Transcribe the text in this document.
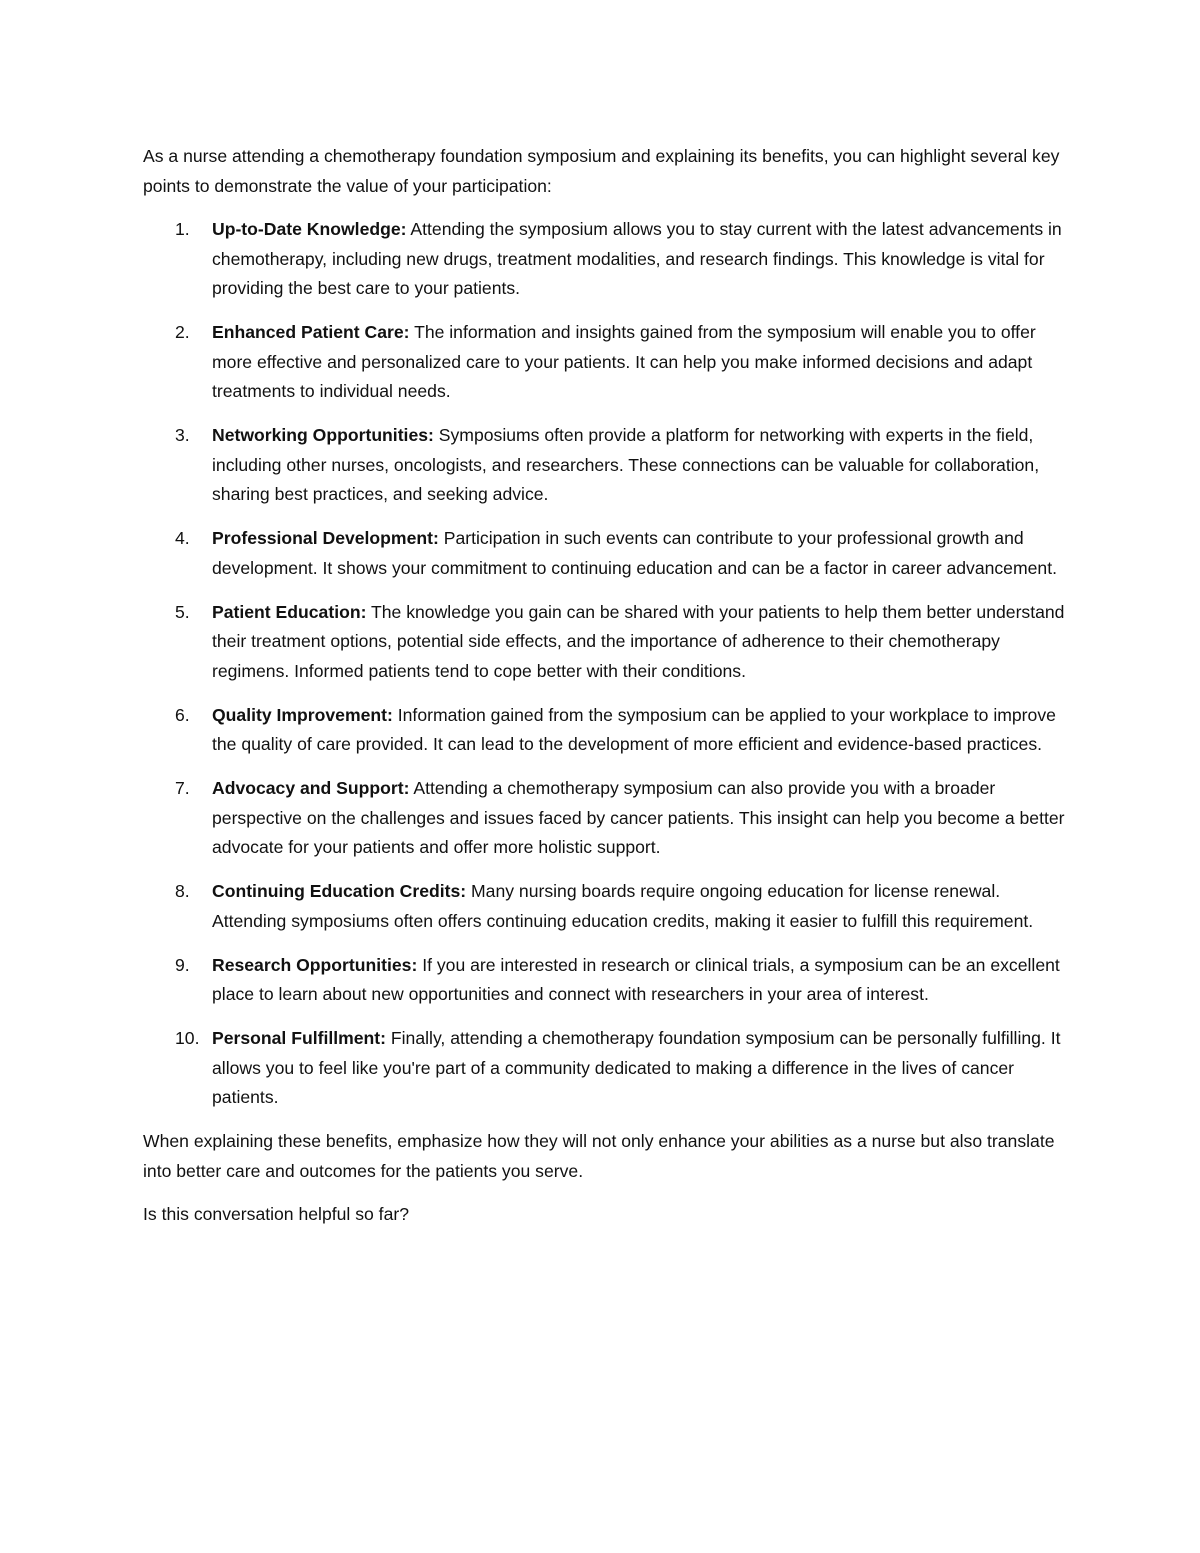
As a nurse attending a chemotherapy foundation symposium and explaining its benefits, you can highlight several key points to demonstrate the value of your participation:

1.	Up-to-Date Knowledge: Attending the symposium allows you to stay current with the latest advancements in chemotherapy, including new drugs, treatment modalities, and research findings. This knowledge is vital for providing the best care to your patients.
2.	Enhanced Patient Care: The information and insights gained from the symposium will enable you to offer more effective and personalized care to your patients. It can help you make informed decisions and adapt treatments to individual needs.
3.	Networking Opportunities: Symposiums often provide a platform for networking with experts in the field, including other nurses, oncologists, and researchers. These connections can be valuable for collaboration, sharing best practices, and seeking advice.
4.	Professional Development: Participation in such events can contribute to your professional growth and development. It shows your commitment to continuing education and can be a factor in career advancement.
5.	Patient Education: The knowledge you gain can be shared with your patients to help them better understand their treatment options, potential side effects, and the importance of adherence to their chemotherapy regimens. Informed patients tend to cope better with their conditions.
6.	Quality Improvement: Information gained from the symposium can be applied to your workplace to improve the quality of care provided. It can lead to the development of more efficient and evidence-based practices.
7.	Advocacy and Support: Attending a chemotherapy symposium can also provide you with a broader perspective on the challenges and issues faced by cancer patients. This insight can help you become a better advocate for your patients and offer more holistic support.
8.	Continuing Education Credits: Many nursing boards require ongoing education for license renewal. Attending symposiums often offers continuing education credits, making it easier to fulfill this requirement.
9.	Research Opportunities: If you are interested in research or clinical trials, a symposium can be an excellent place to learn about new opportunities and connect with researchers in your area of interest.
10. Personal Fulfillment: Finally, attending a chemotherapy foundation symposium can be personally fulfilling. It allows you to feel like you're part of a community dedicated to making a difference in the lives of cancer patients.

When explaining these benefits, emphasize how they will not only enhance your abilities as a nurse but also translate into better care and outcomes for the patients you serve.

Is this conversation helpful so far?
